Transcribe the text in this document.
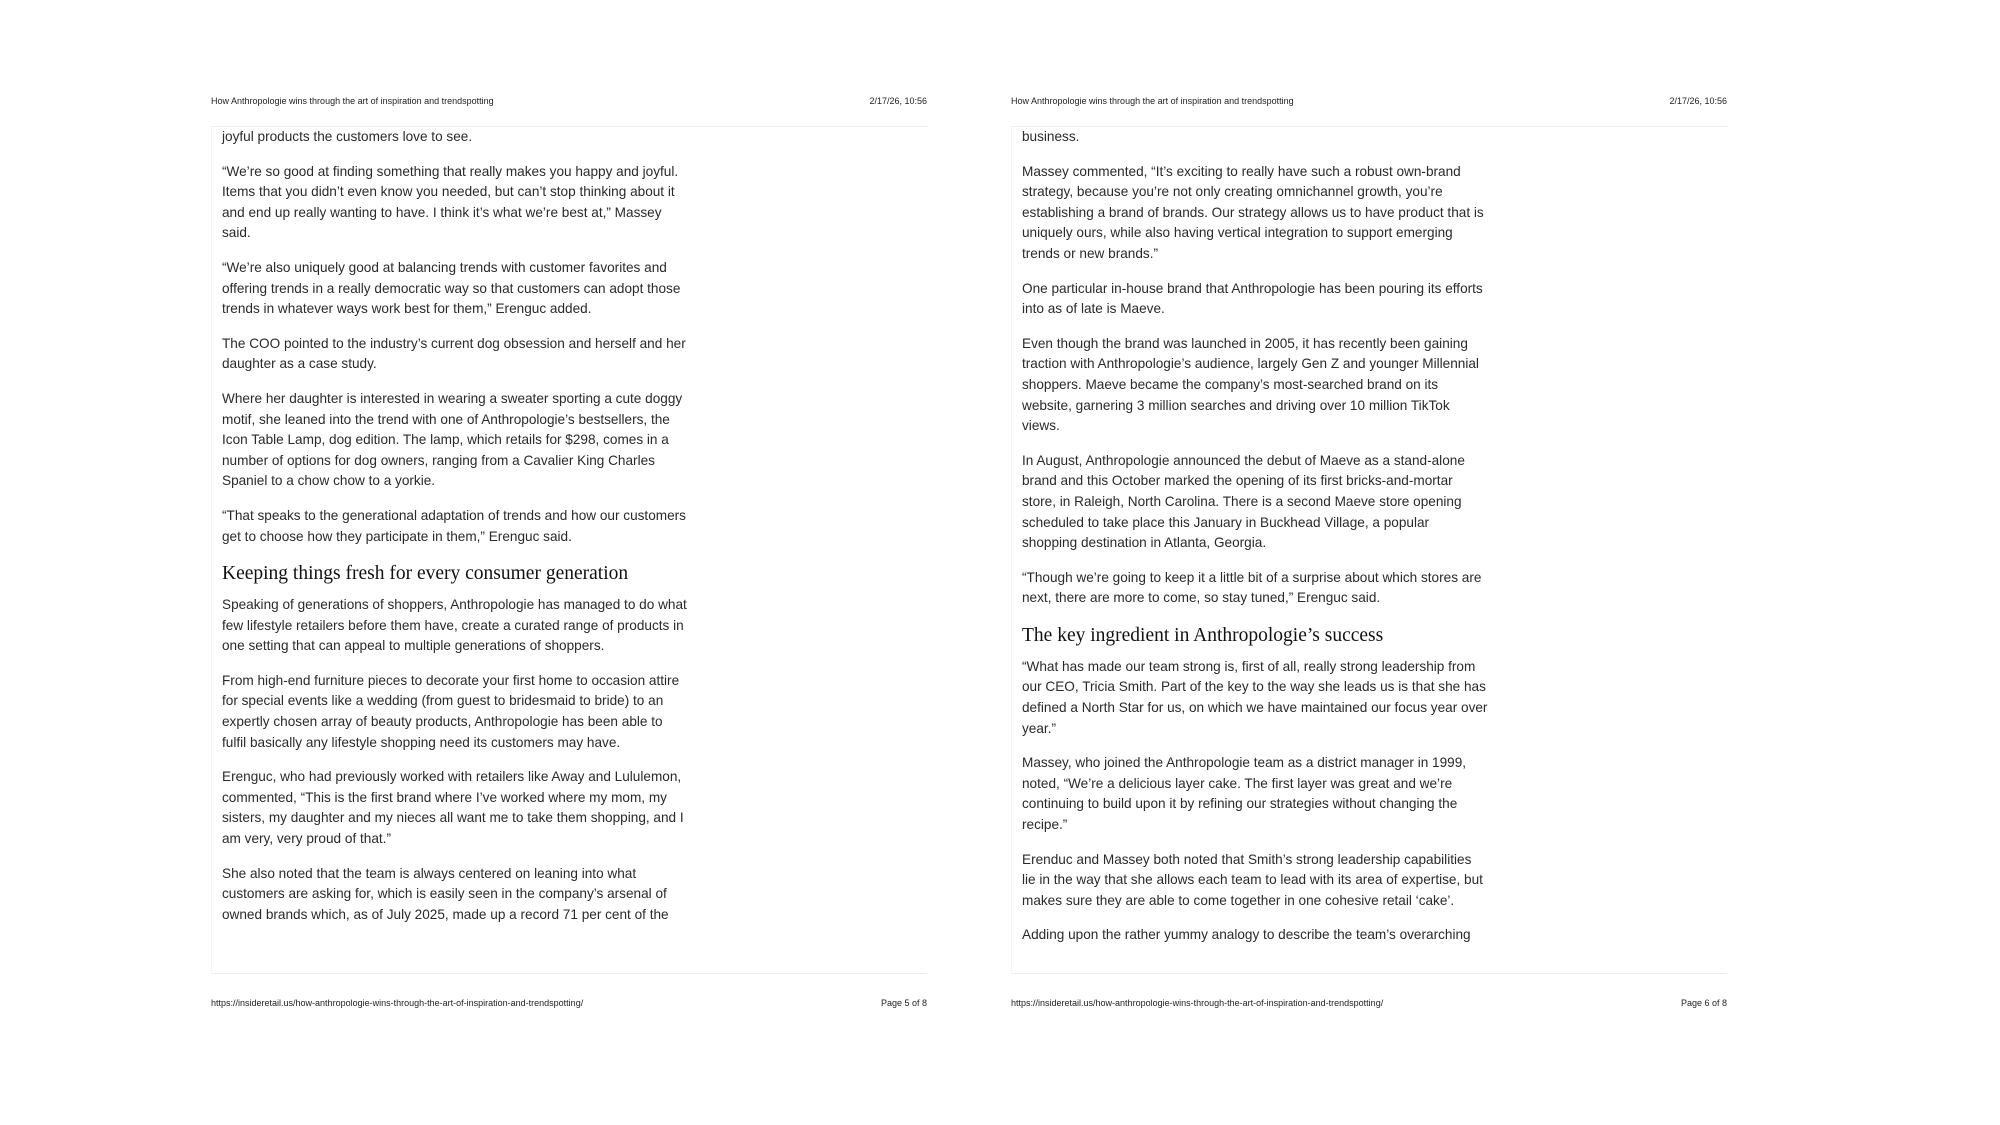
How Anthropologie wins through the art of inspiration and trendspotting	2/17/26, 10:56

joyful products the customers love to see.

“We’re so good at finding something that really makes you happy and joyful. Items that you didn’t even know you needed, but can’t stop thinking about it and end up really wanting to have. I think it’s what we’re best at,” Massey said.

“We’re also uniquely good at balancing trends with customer favorites and offering trends in a really democratic way so that customers can adopt those trends in whatever ways work best for them,” Erenguc added.

The COO pointed to the industry’s current dog obsession and herself and her daughter as a case study.

Where her daughter is interested in wearing a sweater sporting a cute doggy motif, she leaned into the trend with one of Anthropologie’s bestsellers, the Icon Table Lamp, dog edition. The lamp, which retails for $298, comes in a number of options for dog owners, ranging from a Cavalier King Charles Spaniel to a chow chow to a yorkie.

“That speaks to the generational adaptation of trends and how our customers get to choose how they participate in them,” Erenguc said.

Keeping things fresh for every consumer generation

Speaking of generations of shoppers, Anthropologie has managed to do what few lifestyle retailers before them have, create a curated range of products in one setting that can appeal to multiple generations of shoppers.

From high-end furniture pieces to decorate your first home to occasion attire for special events like a wedding (from guest to bridesmaid to bride) to an expertly chosen array of beauty products, Anthropologie has been able to fulfil basically any lifestyle shopping need its customers may have.

Erenguc, who had previously worked with retailers like Away and Lululemon, commented, “This is the first brand where I’ve worked where my mom, my sisters, my daughter and my nieces all want me to take them shopping, and I am very, very proud of that.”

She also noted that the team is always centered on leaning into what customers are asking for, which is easily seen in the company’s arsenal of owned brands which, as of July 2025, made up a record 71 per cent of the

https://insideretail.us/how-anthropologie-wins-through-the-art-of-inspiration-and-trendspotting/	Page 5 of 8
How Anthropologie wins through the art of inspiration and trendspotting	2/17/26, 10:56

business.

Massey commented, “It’s exciting to really have such a robust own-brand strategy, because you’re not only creating omnichannel growth, you’re establishing a brand of brands. Our strategy allows us to have product that is uniquely ours, while also having vertical integration to support emerging trends or new brands.”

One particular in-house brand that Anthropologie has been pouring its efforts into as of late is Maeve.

Even though the brand was launched in 2005, it has recently been gaining traction with Anthropologie’s audience, largely Gen Z and younger Millennial shoppers. Maeve became the company’s most-searched brand on its website, garnering 3 million searches and driving over 10 million TikTok views.

In August, Anthropologie announced the debut of Maeve as a stand-alone brand and this October marked the opening of its first bricks-and-mortar store, in Raleigh, North Carolina. There is a second Maeve store opening scheduled to take place this January in Buckhead Village, a popular shopping destination in Atlanta, Georgia.

“Though we’re going to keep it a little bit of a surprise about which stores are next, there are more to come, so stay tuned,” Erenguc said.

The key ingredient in Anthropologie’s success

“What has made our team strong is, first of all, really strong leadership from our CEO, Tricia Smith. Part of the key to the way she leads us is that she has defined a North Star for us, on which we have maintained our focus year over year.”

Massey, who joined the Anthropologie team as a district manager in 1999, noted, “We’re a delicious layer cake. The first layer was great and we’re continuing to build upon it by refining our strategies without changing the recipe.”

Erenduc and Massey both noted that Smith’s strong leadership capabilities lie in the way that she allows each team to lead with its area of expertise, but makes sure they are able to come together in one cohesive retail ‘cake’.

Adding upon the rather yummy analogy to describe the team’s overarching

https://insideretail.us/how-anthropologie-wins-through-the-art-of-inspiration-and-trendspotting/	Page 6 of 8
